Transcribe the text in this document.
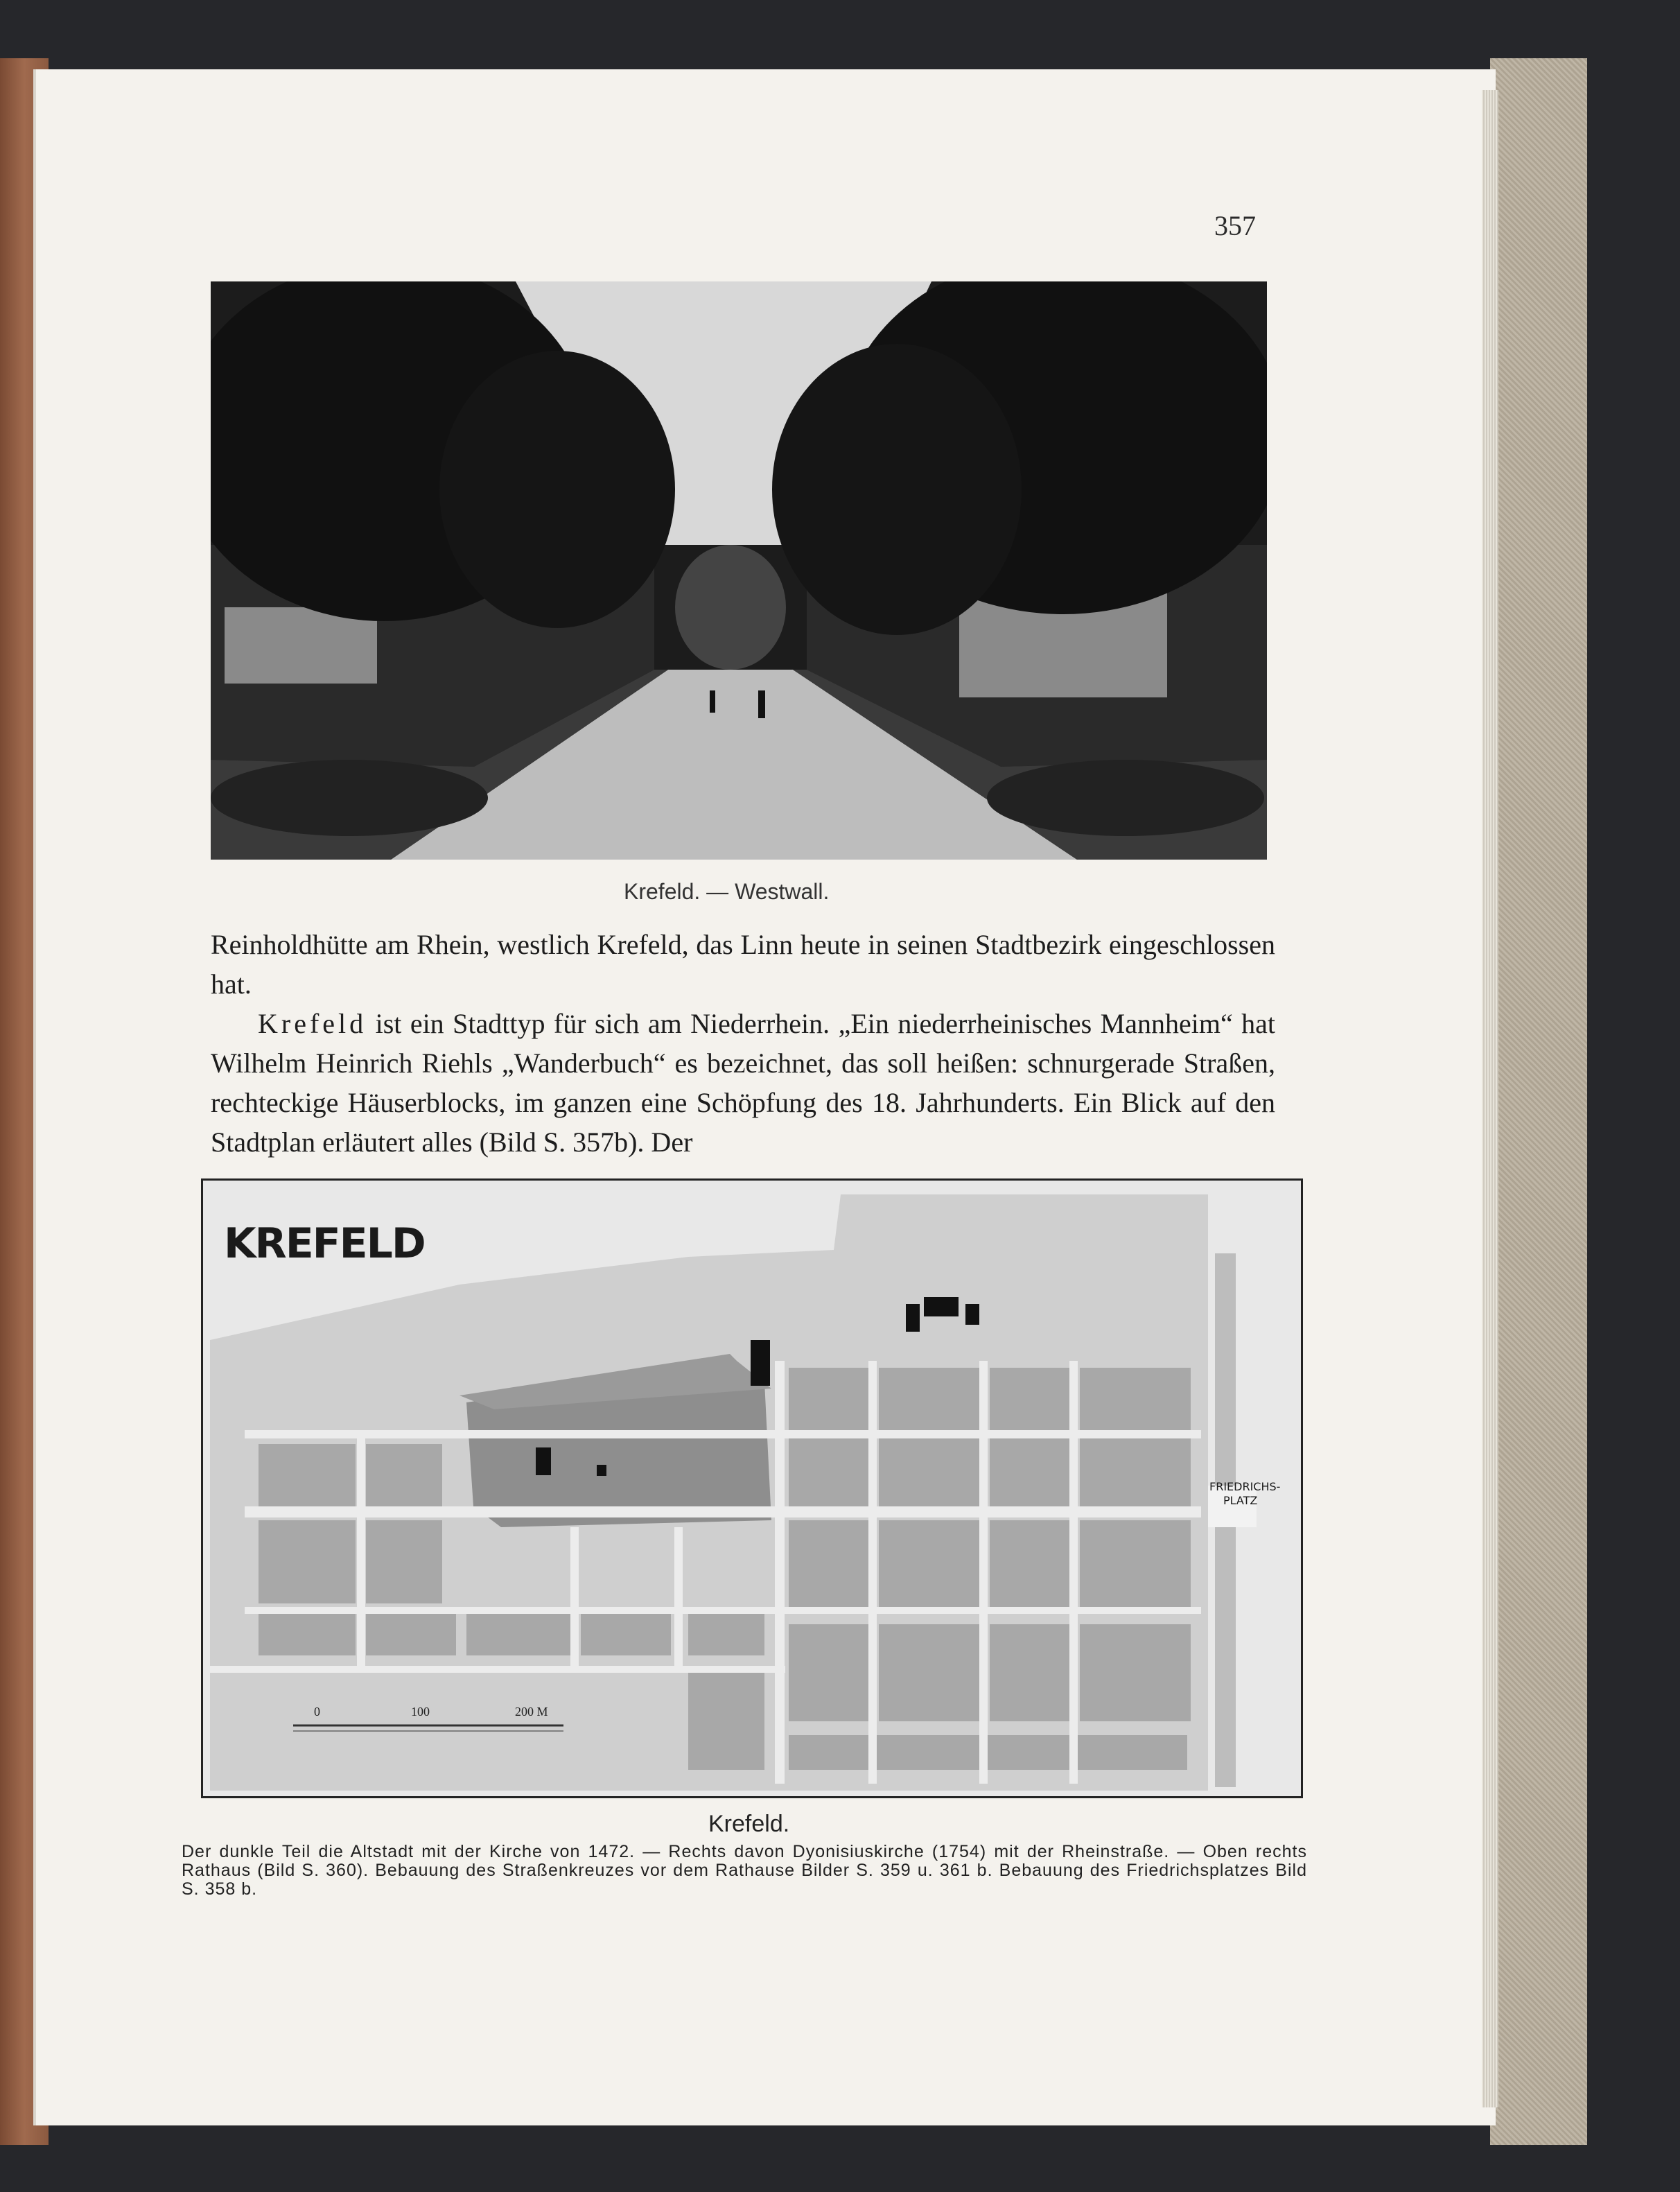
357
Krefeld. — Westwall.

Reinholdhütte am Rhein, westlich Krefeld, das Linn heute in seinen Stadtbezirk eingeschlossen hat.

Krefeld ist ein Stadttyp für sich am Niederrhein. „Ein niederrheinisches Mannheim“ hat Wilhelm Heinrich Riehls „Wanderbuch“ es bezeichnet, das soll heißen: schnurgerade Straßen, rechteckige Häuserblocks, im ganzen eine Schöpfung des 18. Jahrhunderts. Ein Blick auf den Stadtplan erläutert alles (Bild S. 357b). Der

KREFELD
FRIEDRICHS-
PLATZ
0	100	200 M
Krefeld.
Der dunkle Teil die Altstadt mit der Kirche von 1472. — Rechts davon Dyonisiuskirche (1754) mit der Rheinstraße. — Oben rechts Rathaus (Bild S. 360). Bebauung des Straßenkreuzes vor dem Rathause Bilder S. 359 u. 361 b. Bebauung des Friedrichsplatzes Bild S. 358 b.
